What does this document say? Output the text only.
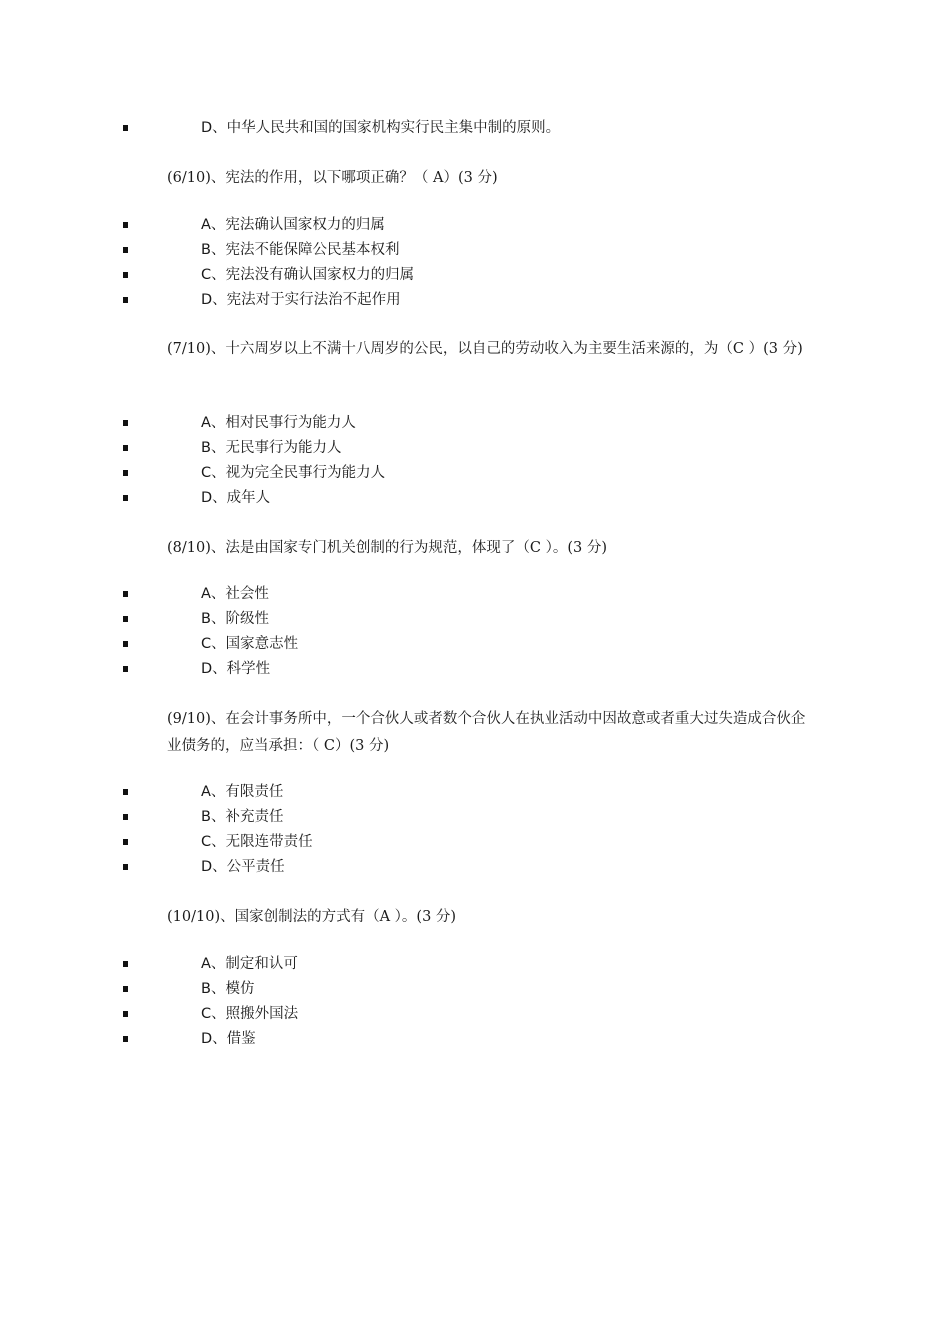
D、中华人民共和国的国家机构实行民主集中制的原则。
(6/10)、宪法的作用，以下哪项正确？（ A）(3 分)
A、宪法确认国家权力的归属
B、宪法不能保障公民基本权利
C、宪法没有确认国家权力的归属
D、宪法对于实行法治不起作用
(7/10)、十六周岁以上不满十八周岁的公民，以自己的劳动收入为主要生活来源的，为（C ）(3 分)
A、相对民事行为能力人
B、无民事行为能力人
C、视为完全民事行为能力人
D、成年人
(8/10)、法是由国家专门机关创制的行为规范，体现了（C ）。(3 分)
A、社会性
B、阶级性
C、国家意志性
D、科学性
(9/10)、在会计事务所中，一个合伙人或者数个合伙人在执业活动中因故意或者重大过失造成合伙企业债务的，应当承担：（ C）(3 分)
A、有限责任
B、补充责任
C、无限连带责任
D、公平责任
(10/10)、国家创制法的方式有（A ）。(3 分)
A、制定和认可
B、模仿
C、照搬外国法
D、借鉴
